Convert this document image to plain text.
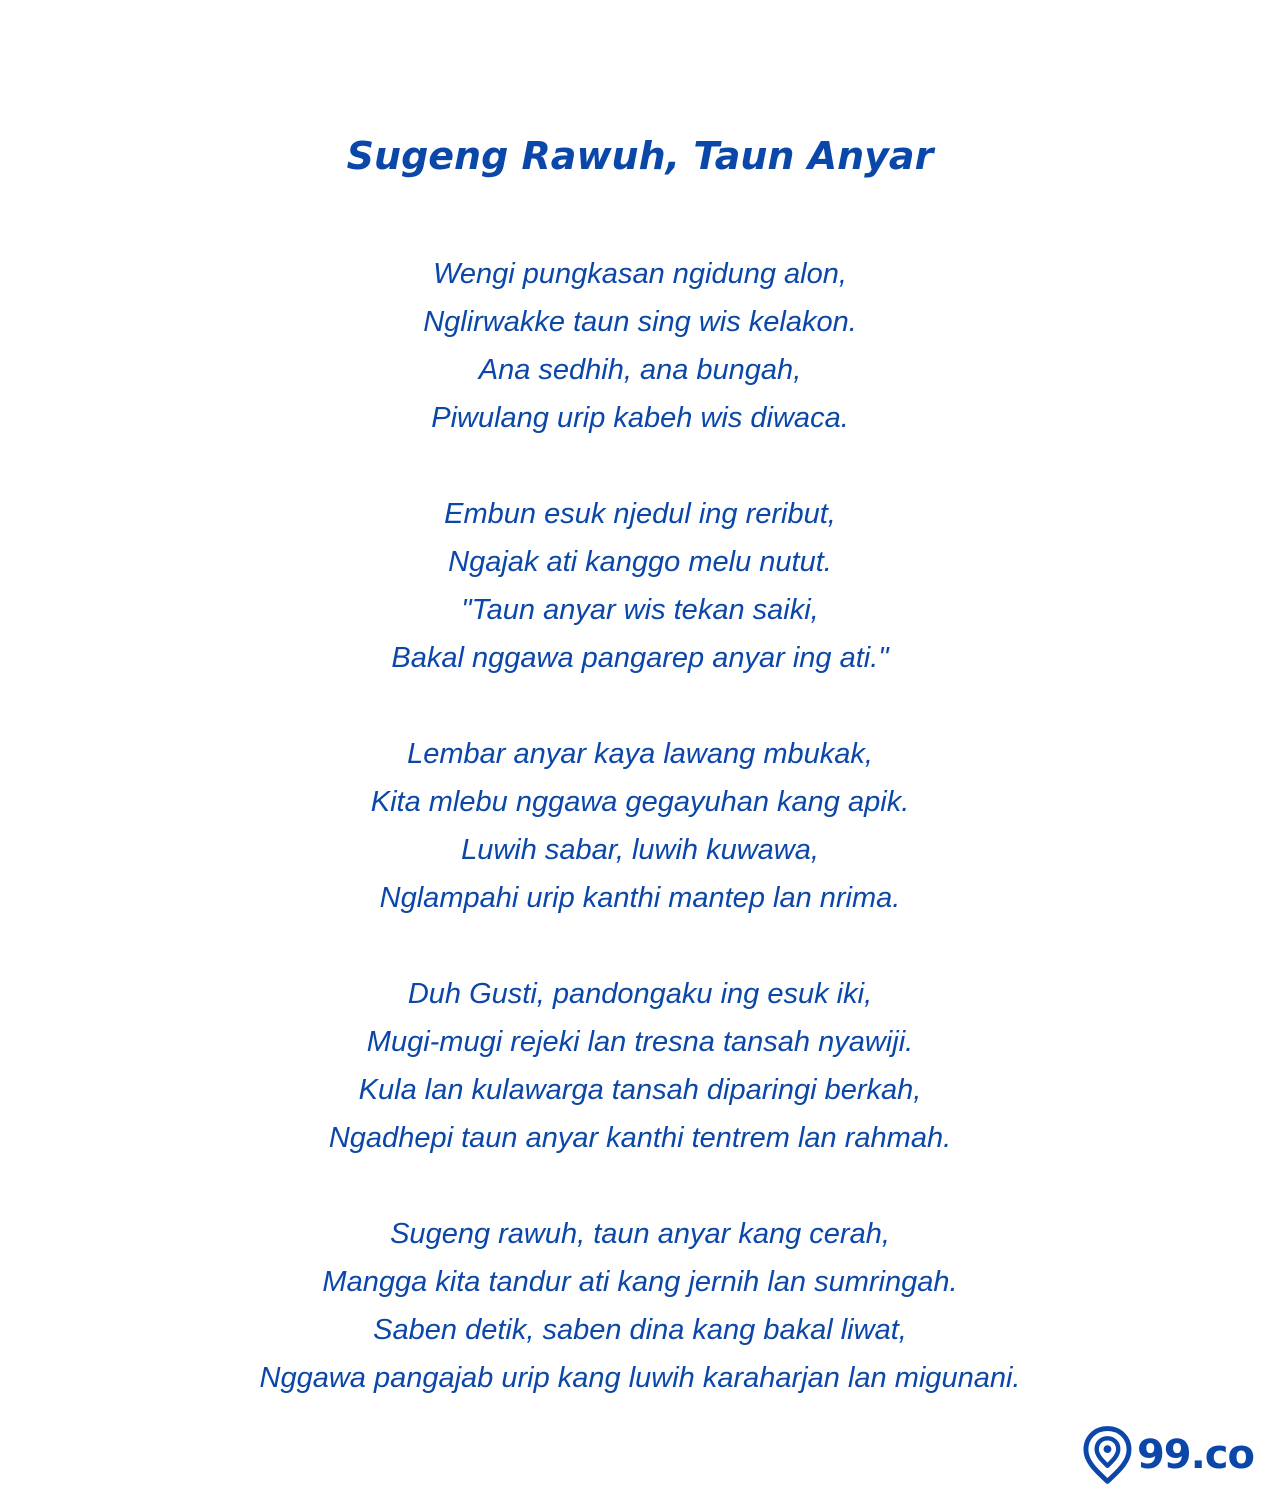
Sugeng Rawuh, Taun Anyar
Wengi pungkasan ngidung alon,
Nglirwakke taun sing wis kelakon.
Ana sedhih, ana bungah,
Piwulang urip kabeh wis diwaca.
Embun esuk njedul ing reribut,
Ngajak ati kanggo melu nutut.
"Taun anyar wis tekan saiki,
Bakal nggawa pangarep anyar ing ati."
Lembar anyar kaya lawang mbukak,
Kita mlebu nggawa gegayuhan kang apik.
Luwih sabar, luwih kuwawa,
Nglampahi urip kanthi mantep lan nrima.
Duh Gusti, pandongaku ing esuk iki,
Mugi-mugi rejeki lan tresna tansah nyawiji.
Kula lan kulawarga tansah diparingi berkah,
Ngadhepi taun anyar kanthi tentrem lan rahmah.
Sugeng rawuh, taun anyar kang cerah,
Mangga kita tandur ati kang jernih lan sumringah.
Saben detik, saben dina kang bakal liwat,
Nggawa pangajab urip kang luwih karaharjan lan migunani.
99.co
